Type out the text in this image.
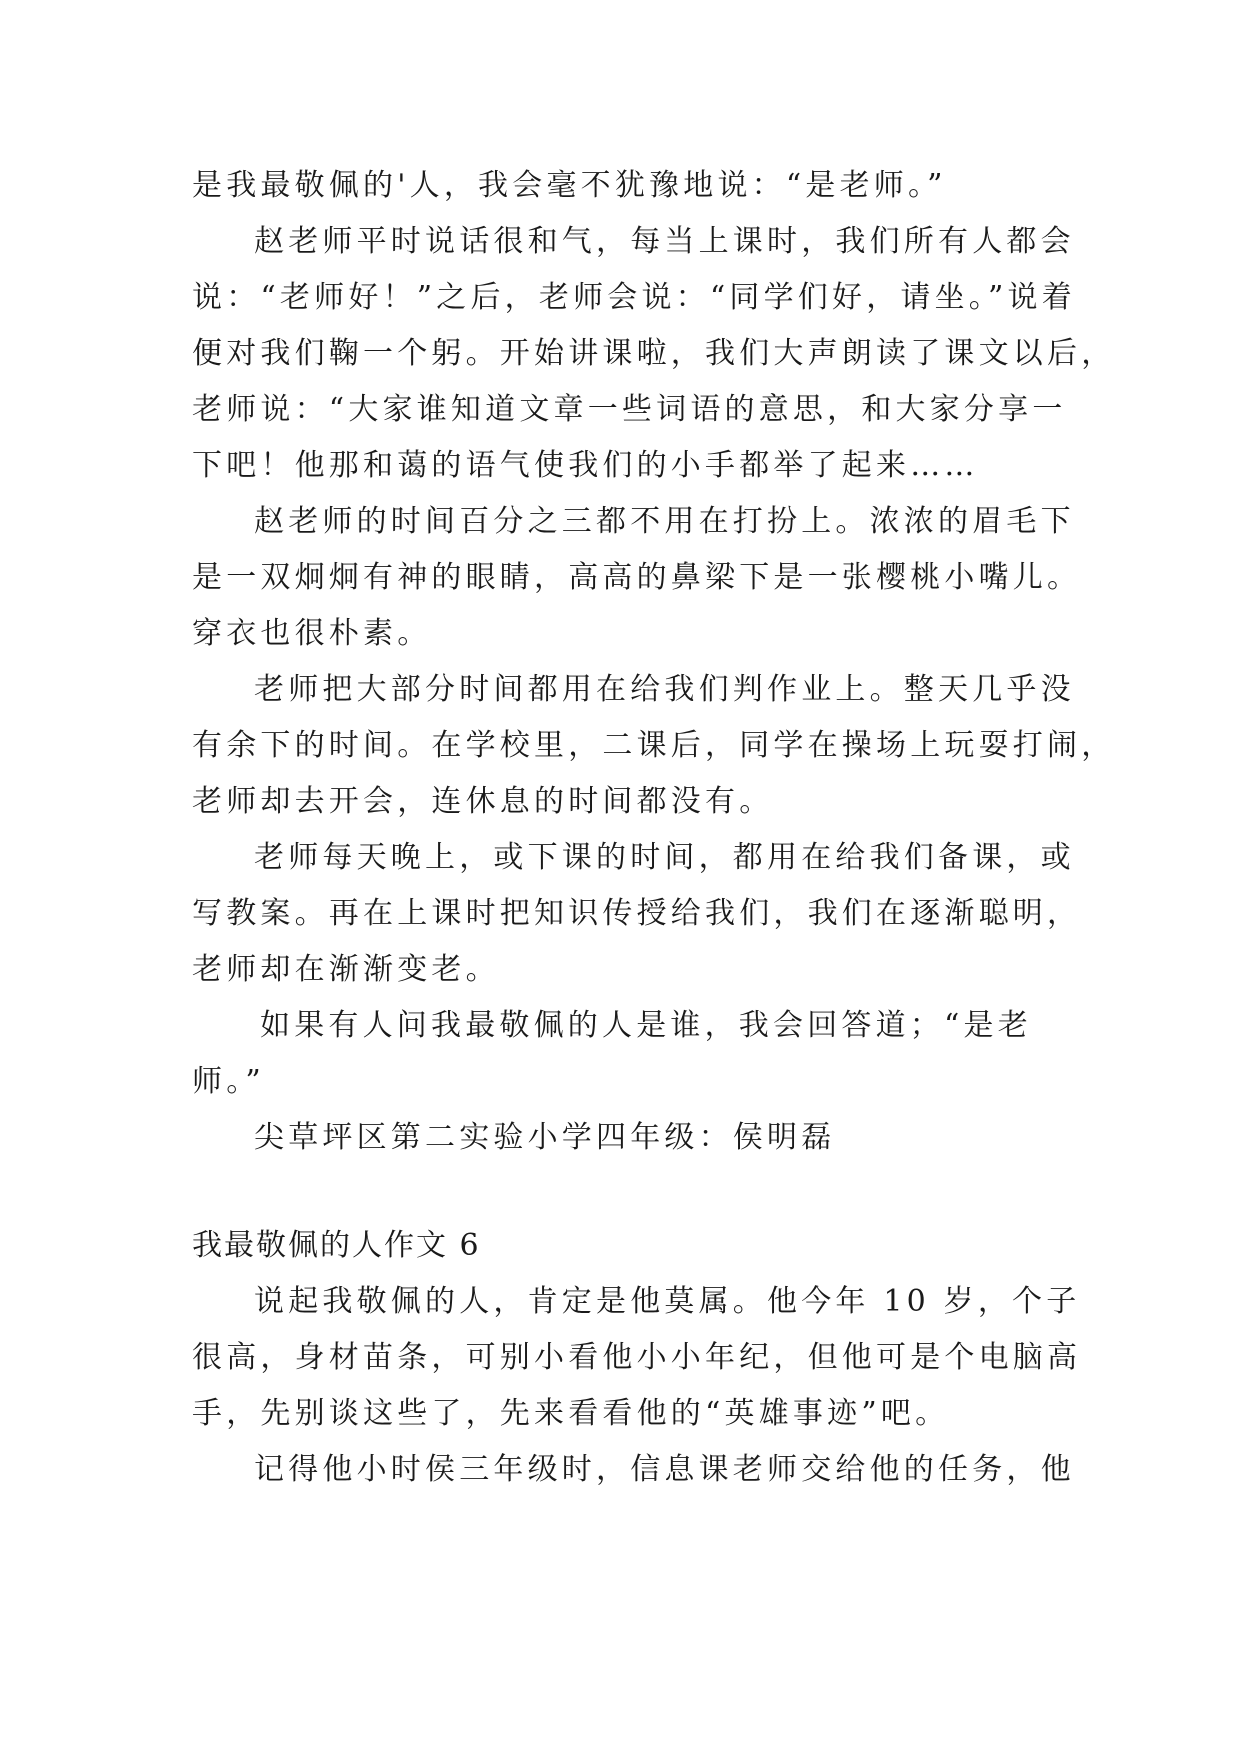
是我最敬佩的'人，我会毫不犹豫地说：“是老师。”
赵老师平时说话很和气，每当上课时，我们所有人都会
说：“老师好！”之后，老师会说：“同学们好，请坐。”说着
便对我们鞠一个躬。开始讲课啦，我们大声朗读了课文以后，
老师说：“大家谁知道文章一些词语的意思，和大家分享一
下吧！他那和蔼的语气使我们的小手都举了起来……
赵老师的时间百分之三都不用在打扮上。浓浓的眉毛下
是一双炯炯有神的眼睛，高高的鼻梁下是一张樱桃小嘴儿。
穿衣也很朴素。
老师把大部分时间都用在给我们判作业上。整天几乎没
有余下的时间。在学校里，二课后，同学在操场上玩耍打闹，
老师却去开会，连休息的时间都没有。
老师每天晚上，或下课的时间，都用在给我们备课，或
写教案。再在上课时把知识传授给我们，我们在逐渐聪明，
老师却在渐渐变老。
如果有人问我最敬佩的人是谁，我会回答道；“是老
师。”
尖草坪区第二实验小学四年级：侯明磊
我最敬佩的人作文 6
说起我敬佩的人，肯定是他莫属。他今年 10 岁，个子
很高，身材苗条，可别小看他小小年纪，但他可是个电脑高
手，先别谈这些了，先来看看他的“英雄事迹”吧。
记得他小时侯三年级时，信息课老师交给他的任务，他
